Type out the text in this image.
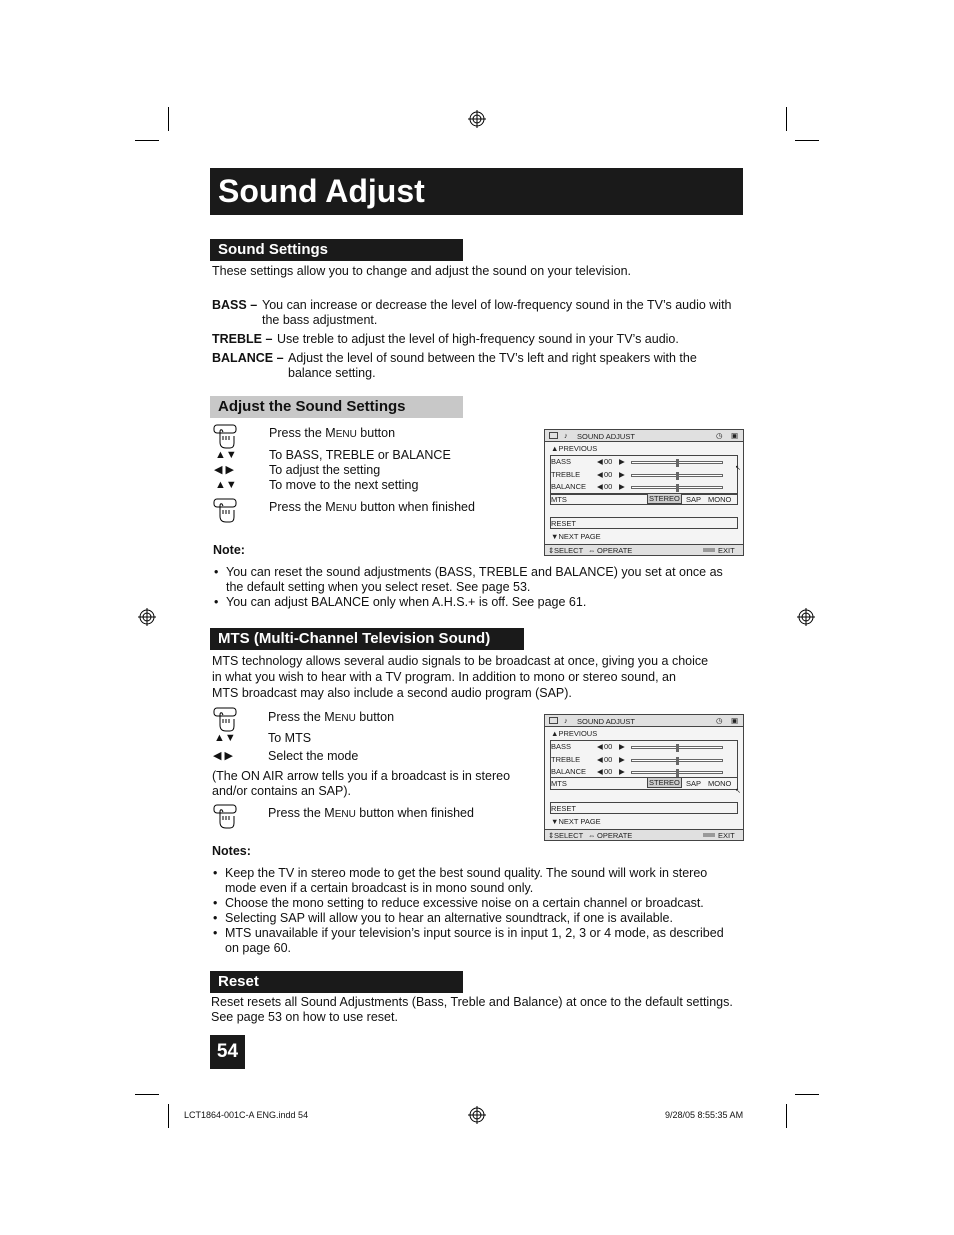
Sound Adjust
Sound Settings
These settings allow you to change and adjust the sound on your television.
BASS – You can increase or decrease the level of low-frequency sound in the TV’s audio with
the bass adjustment.
TREBLE – Use treble to adjust the level of high-frequency sound in your TV’s audio.
BALANCE – Adjust the level of sound between the TV’s left and right speakers with the
balance setting.
Adjust the Sound Settings
Press the MENU button
▲▼	To BASS, TREBLE or BALANCE
◀ ▶	To adjust the setting
▲▼	To move to the next setting
Press the MENU button when finished
♪ SOUND ADJUST	◷ ▣
▲PREVIOUS
BASS	◀ 00 ▶
TREBLE ◀ 00 ▶
BALANCE ◀ 00 ▶
↖
MTS	STEREO SAP MONO
RESET
▼NEXT PAGE
⇕ SELECT ⇔ OPERATE	EXIT
Note:
• You can reset the sound adjustments (BASS, TREBLE and BALANCE) you set at once as
the default setting when you select reset. See page 53.
• You can adjust BALANCE only when A.H.S.+ is off. See page 61.
MTS (Multi-Channel Television Sound)
MTS technology allows several audio signals to be broadcast at once, giving you a choice
in what you wish to hear with a TV program. In addition to mono or stereo sound, an
MTS broadcast may also include a second audio program (SAP).
Press the MENU button
▲▼	To MTS
◀ ▶	Select the mode
(The ON AIR arrow tells you if a broadcast is in stereo
and/or contains an SAP).
Press the MENU button when finished
♪ SOUND ADJUST	◷ ▣
▲PREVIOUS
BASS	◀ 00 ▶
TREBLE ◀ 00 ▶
BALANCE ◀ 00 ▶
MTS	STEREO SAP MONO
↖
RESET
▼NEXT PAGE
⇕ SELECT ⇔ OPERATE	EXIT
Notes:
• Keep the TV in stereo mode to get the best sound quality. The sound will work in stereo
mode even if a certain broadcast is in mono sound only.
• Choose the mono setting to reduce excessive noise on a certain channel or broadcast.
• Selecting SAP will allow you to hear an alternative soundtrack, if one is available.
• MTS unavailable if your television’s input source is in input 1, 2, 3 or 4 mode, as described
on page 60.
Reset
Reset resets all Sound Adjustments (Bass, Treble and Balance) at once to the default settings.
See page 53 on how to use reset.
54
LCT1864-001C-A ENG.indd 54	9/28/05 8:55:35 AM
